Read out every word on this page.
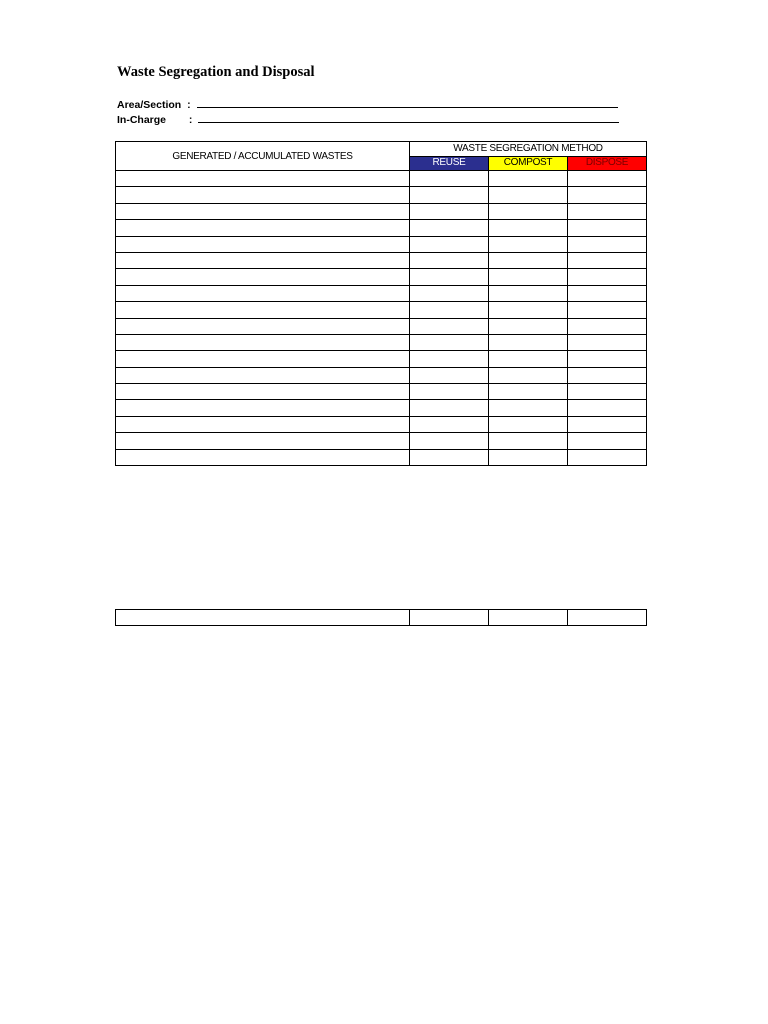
Waste Segregation and Disposal
Area/Section :
In-Charge :
GENERATED / ACCUMULATED WASTES	WASTE SEGREGATION METHOD		
	REUSE	COMPOST	DISPOSE
